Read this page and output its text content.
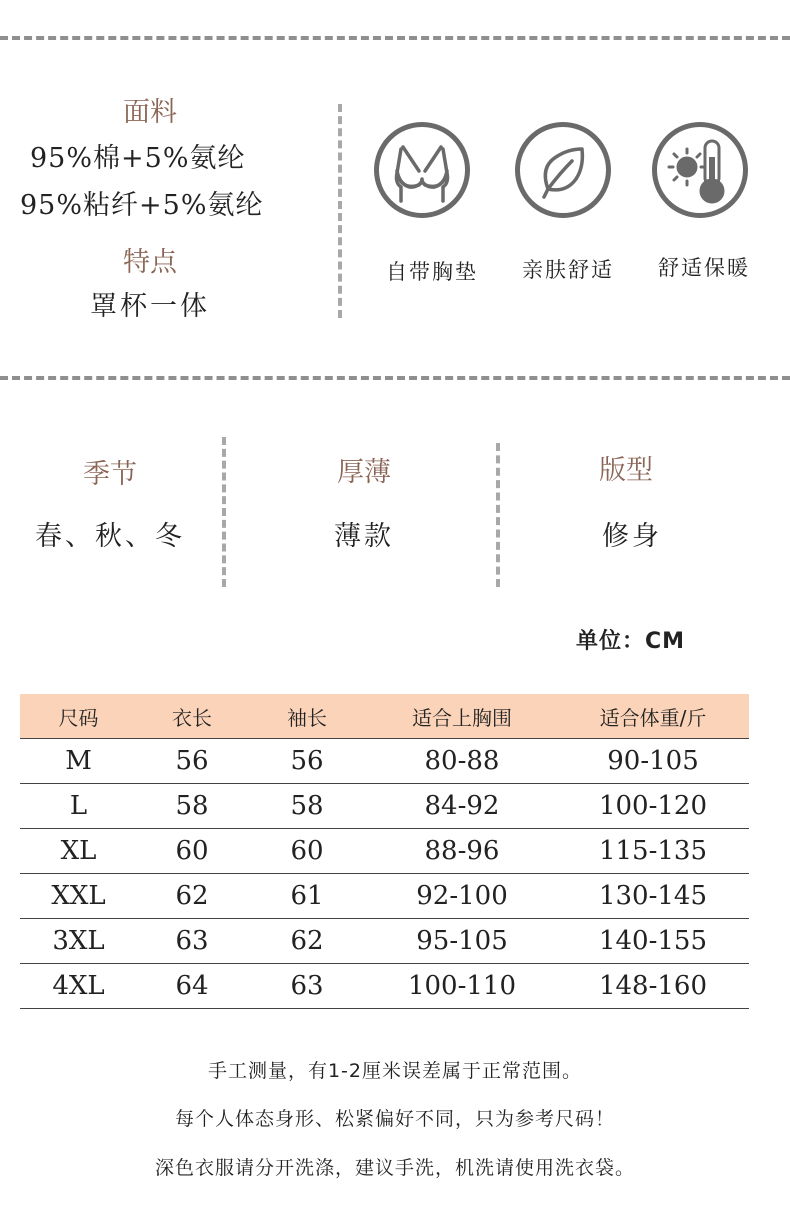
面料
95%棉+5%氨纶
95%粘纤+5%氨纶
特点
罩杯一体
自带胸垫	亲肤舒适	舒适保暖
季节
春、秋、冬
厚薄
薄款
版型
修身
单位：CM
尺码	衣长	袖长	适合上胸围	适合体重/斤
M	56	56	80-88	90-105
L	58	58	84-92	100-120
XL	60	60	88-96	115-135
XXL	62	61	92-100	130-145
3XL	63	62	95-105	140-155
4XL	64	63	100-110	148-160
手工测量，有1-2厘米误差属于正常范围。
每个人体态身形、松紧偏好不同，只为参考尺码！
深色衣服请分开洗涤，建议手洗，机洗请使用洗衣袋。
